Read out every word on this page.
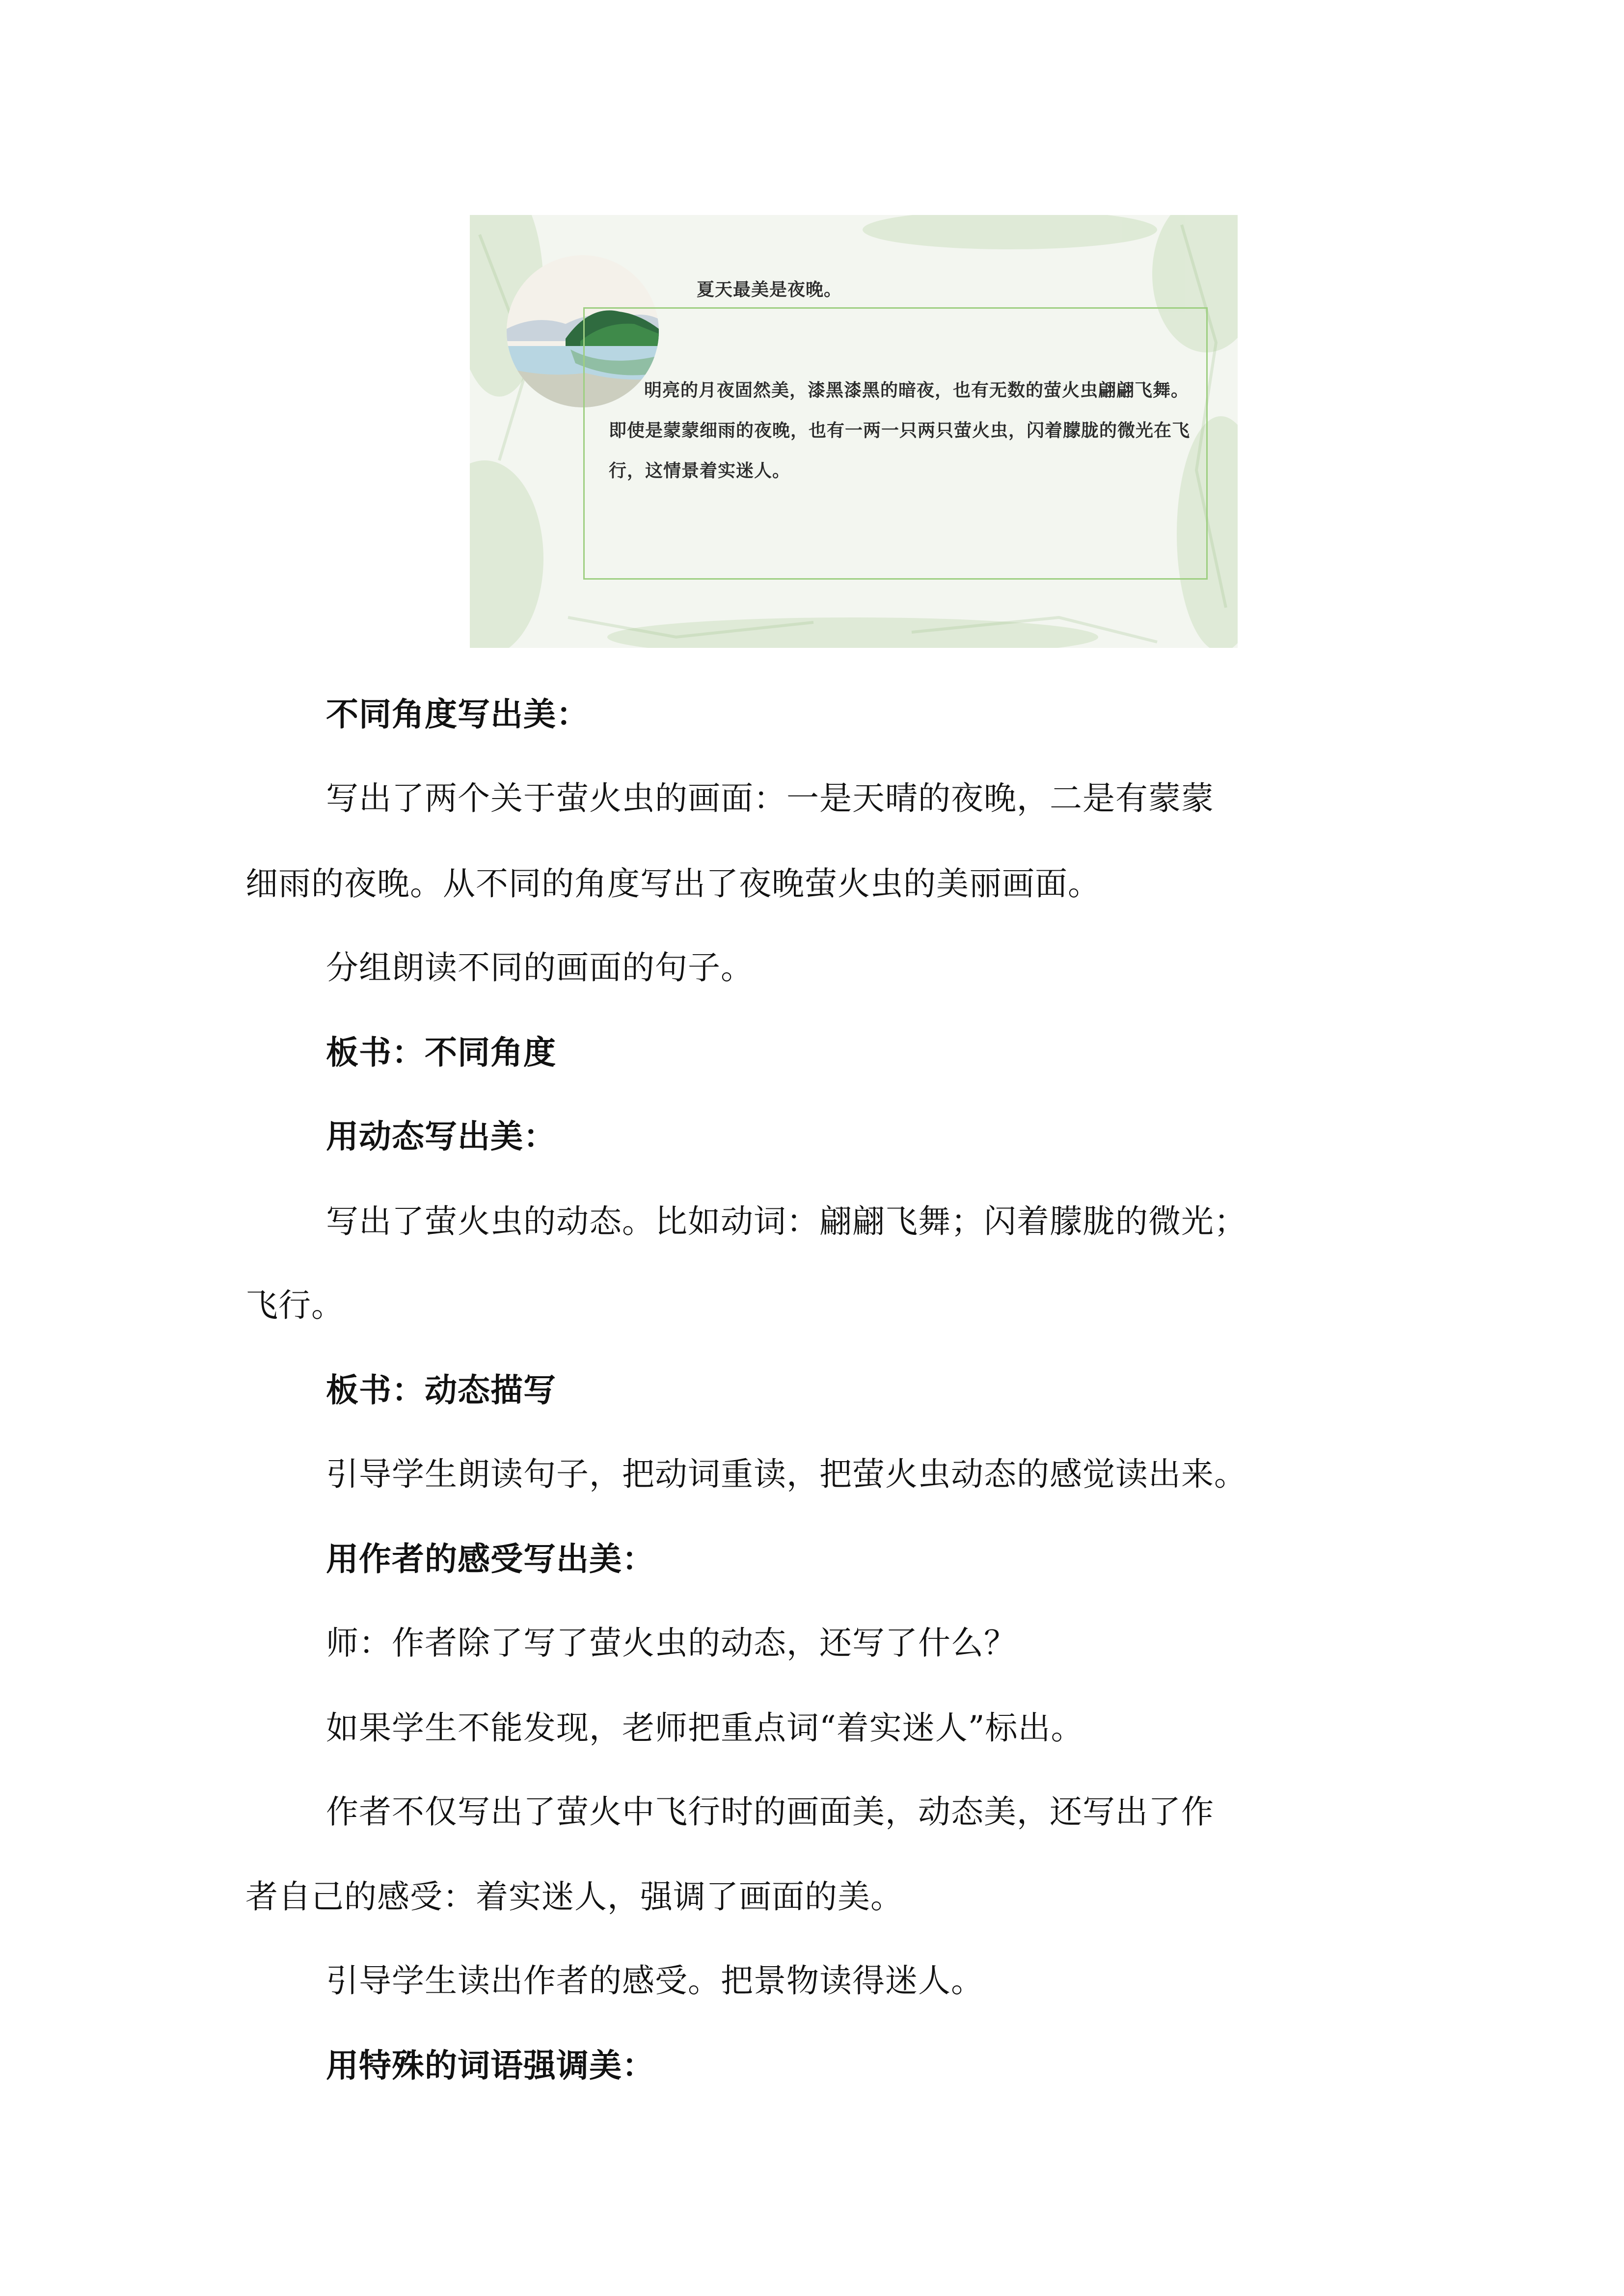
夏天最美是夜晚。
明亮的月夜固然美，漆黑漆黑的暗夜，也有无数的萤火虫翩翩飞舞。即使是蒙蒙细雨的夜晚，也有一两一只两只萤火虫，闪着朦胧的微光在飞行，这情景着实迷人。
不同角度写出美：
写出了两个关于萤火虫的画面：一是天晴的夜晚，二是有蒙蒙
细雨的夜晚。从不同的角度写出了夜晚萤火虫的美丽画面。
分组朗读不同的画面的句子。
板书：不同角度
用动态写出美：
写出了萤火虫的动态。比如动词：翩翩飞舞；闪着朦胧的微光；
飞行。
板书：动态描写
引导学生朗读句子，把动词重读，把萤火虫动态的感觉读出来。
用作者的感受写出美：
师：作者除了写了萤火虫的动态，还写了什么？
如果学生不能发现，老师把重点词“着实迷人”标出。
作者不仅写出了萤火中飞行时的画面美，动态美，还写出了作
者自己的感受：着实迷人，强调了画面的美。
引导学生读出作者的感受。把景物读得迷人。
用特殊的词语强调美：
